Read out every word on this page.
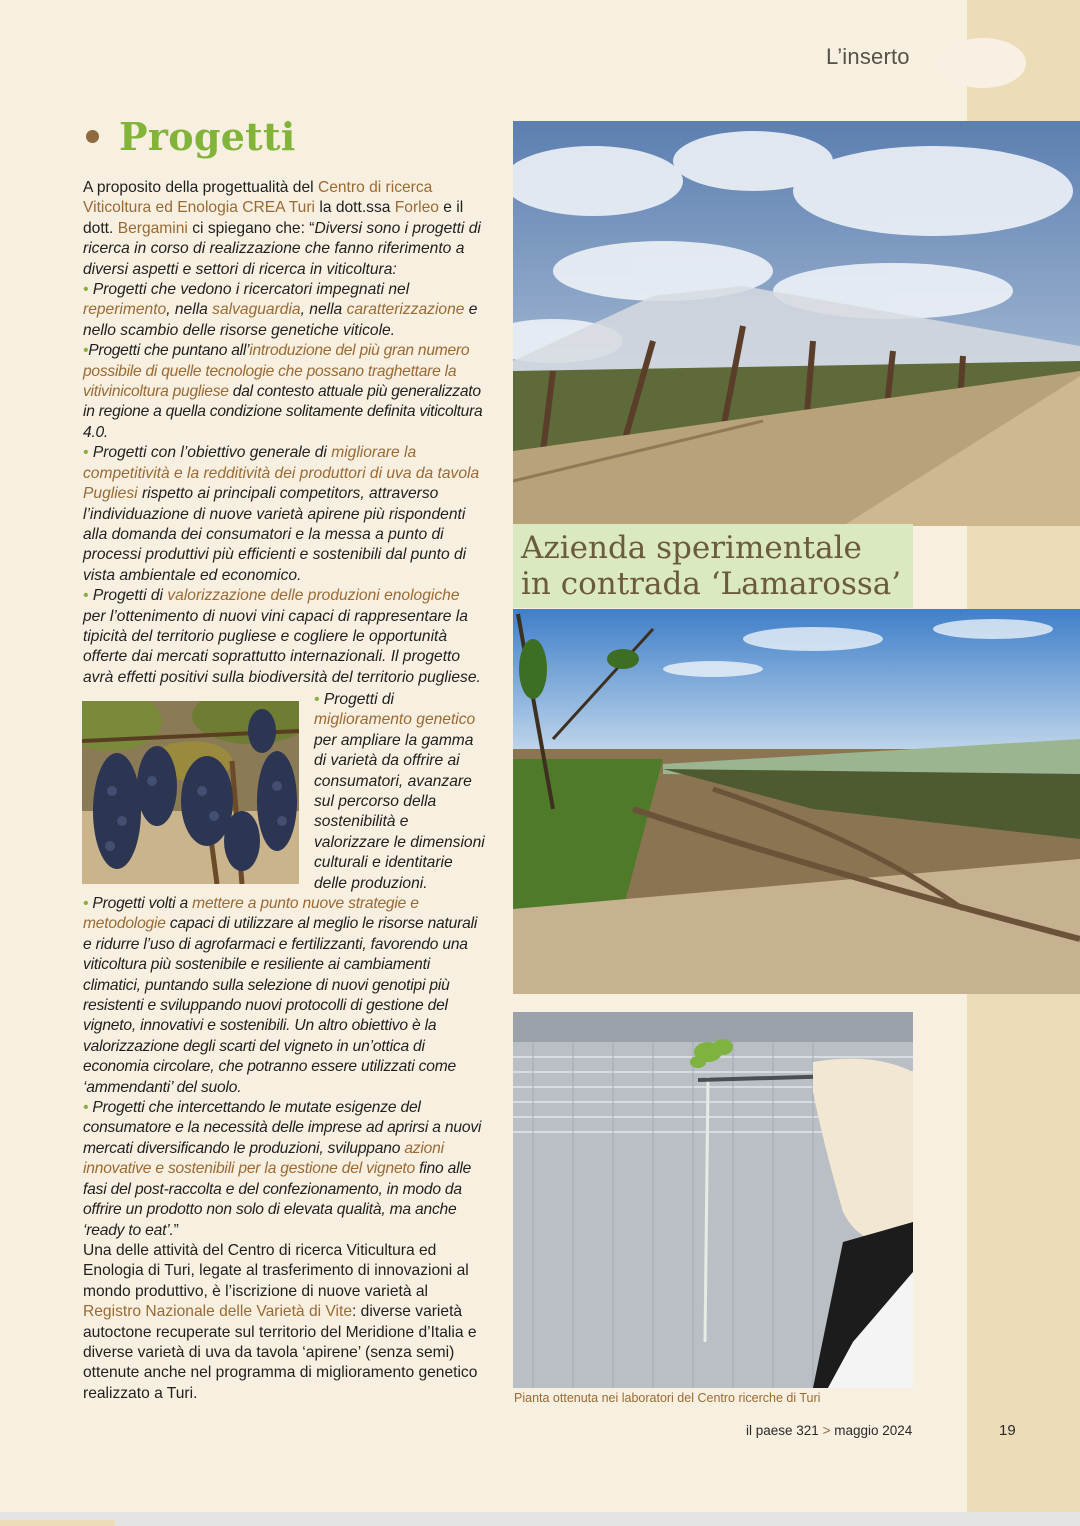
L’inserto
Progetti
A proposito della progettualità del Centro di ricerca Viticoltura ed Enologia CREA Turi la dott.ssa Forleo e il dott. Bergamini ci spiegano che: “Diversi sono i progetti di ricerca in corso di realizzazione che fanno riferimento a diversi aspetti e settori di ricerca in viticoltura:
• Progetti che vedono i ricercatori impegnati nel reperimento, nella salvaguardia, nella caratterizzazione e nello scambio delle risorse genetiche viticole.
•Progetti che puntano all’introduzione del più gran numero possibile di quelle tecnologie che possano traghettare la vitivinicoltura pugliese dal contesto attuale più generalizzato in regione a quella condizione solitamente definita viticoltura 4.0.
• Progetti con l’obiettivo generale di migliorare la competitività e la redditività dei produttori di uva da tavola Pugliesi rispetto ai principali competitors, attraverso l’individuazione di nuove varietà apirene più rispondenti alla domanda dei consumatori e la messa a punto di processi produttivi più efficienti e sostenibili dal punto di vista ambientale ed economico.
• Progetti di valorizzazione delle produzioni enologiche per l’ottenimento di nuovi vini capaci di rappresentare la tipicità del territorio pugliese e cogliere le opportunità offerte dai mercati soprattutto internazionali. Il progetto avrà effetti positivi sulla biodiversità del territorio pugliese.
• Progetti di miglioramento genetico per ampliare la gamma di varietà da offrire ai consumatori, avanzare sul percorso della sostenibilità e valorizzare le dimensioni culturali e identitarie delle produzioni.
• Progetti volti a mettere a punto nuove strategie e metodologie capaci di utilizzare al meglio le risorse naturali e ridurre l’uso di agrofarmaci e fertilizzanti, favorendo una viticoltura più sostenibile e resiliente ai cambiamenti climatici, puntando sulla selezione di nuovi genotipi più resistenti e sviluppando nuovi protocolli di gestione del vigneto, innovativi e sostenibili. Un altro obiettivo è la valorizzazione degli scarti del vigneto in un’ottica di economia circolare, che potranno essere utilizzati come ‘ammendanti’ del suolo.
• Progetti che intercettando le mutate esigenze del consumatore e la necessità delle imprese ad aprirsi a nuovi mercati diversificando le produzioni, sviluppano azioni innovative e sostenibili per la gestione del vigneto fino alle fasi del post-raccolta e del confezionamento, in modo da offrire un prodotto non solo di elevata qualità, ma anche ‘ready to eat’.”
Una delle attività del Centro di ricerca Viticultura ed Enologia di Turi, legate al trasferimento di innovazioni al mondo produttivo, è l’iscrizione di nuove varietà al Registro Nazionale delle Varietà di Vite: diverse varietà autoctone recuperate sul territorio del Meridione d’Italia e diverse varietà di uva da tavola ‘apirene’ (senza semi) ottenute anche nel programma di miglioramento genetico realizzato a Turi.
Azienda sperimentale
in contrada ‘Lamarossa’
Pianta ottenuta nei laboratori del Centro ricerche di Turi
il paese 321 > maggio 2024	19
